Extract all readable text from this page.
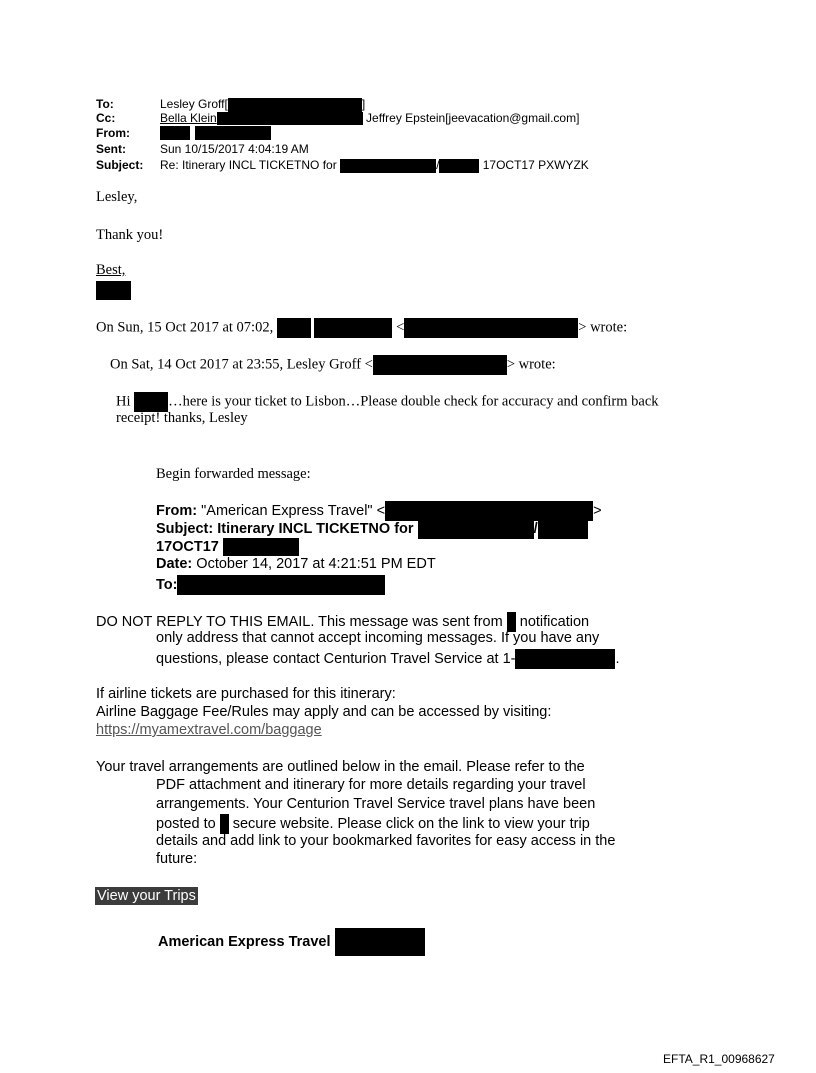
To:	Lesley Groff[	]
Cc:	Bella Klein	Jeffrey Epstein[jeevacation@gmail.com]
From:
Sent:	Sun 10/15/2017 4:04:19 AM
Subject: Re: Itinerary INCL TICKETNO for	/	17OCT17 PXWYZK
Lesley,
Thank you!
Best,
On Sun, 15 Oct 2017 at 07:02,	<	> wrote:
On Sat, 14 Oct 2017 at 23:55, Lesley Groff <	> wrote:
Hi	…here is your ticket to Lisbon…Please double check for accuracy and confirm back
receipt! thanks, Lesley
Begin forwarded message:
From: "American Express Travel" <	>
Subject: Itinerary INCL TICKETNO for	/
17OCT17
Date: October 14, 2017 at 4:21:51 PM EDT
To:
DO NOT REPLY TO THIS EMAIL. This message was sent from notification
only address that cannot accept incoming messages. If you have any
questions, please contact Centurion Travel Service at 1-	.
If airline tickets are purchased for this itinerary:
Airline Baggage Fee/Rules may apply and can be accessed by visiting:
https://myamextravel.com/baggage
Your travel arrangements are outlined below in the email. Please refer to the
PDF attachment and itinerary for more details regarding your travel
arrangements. Your Centurion Travel Service travel plans have been
posted to secure website. Please click on the link to view your trip
details and add link to your bookmarked favorites for easy access in the
future:
View your Trips
American Express Travel
EFTA_R1_00968627
